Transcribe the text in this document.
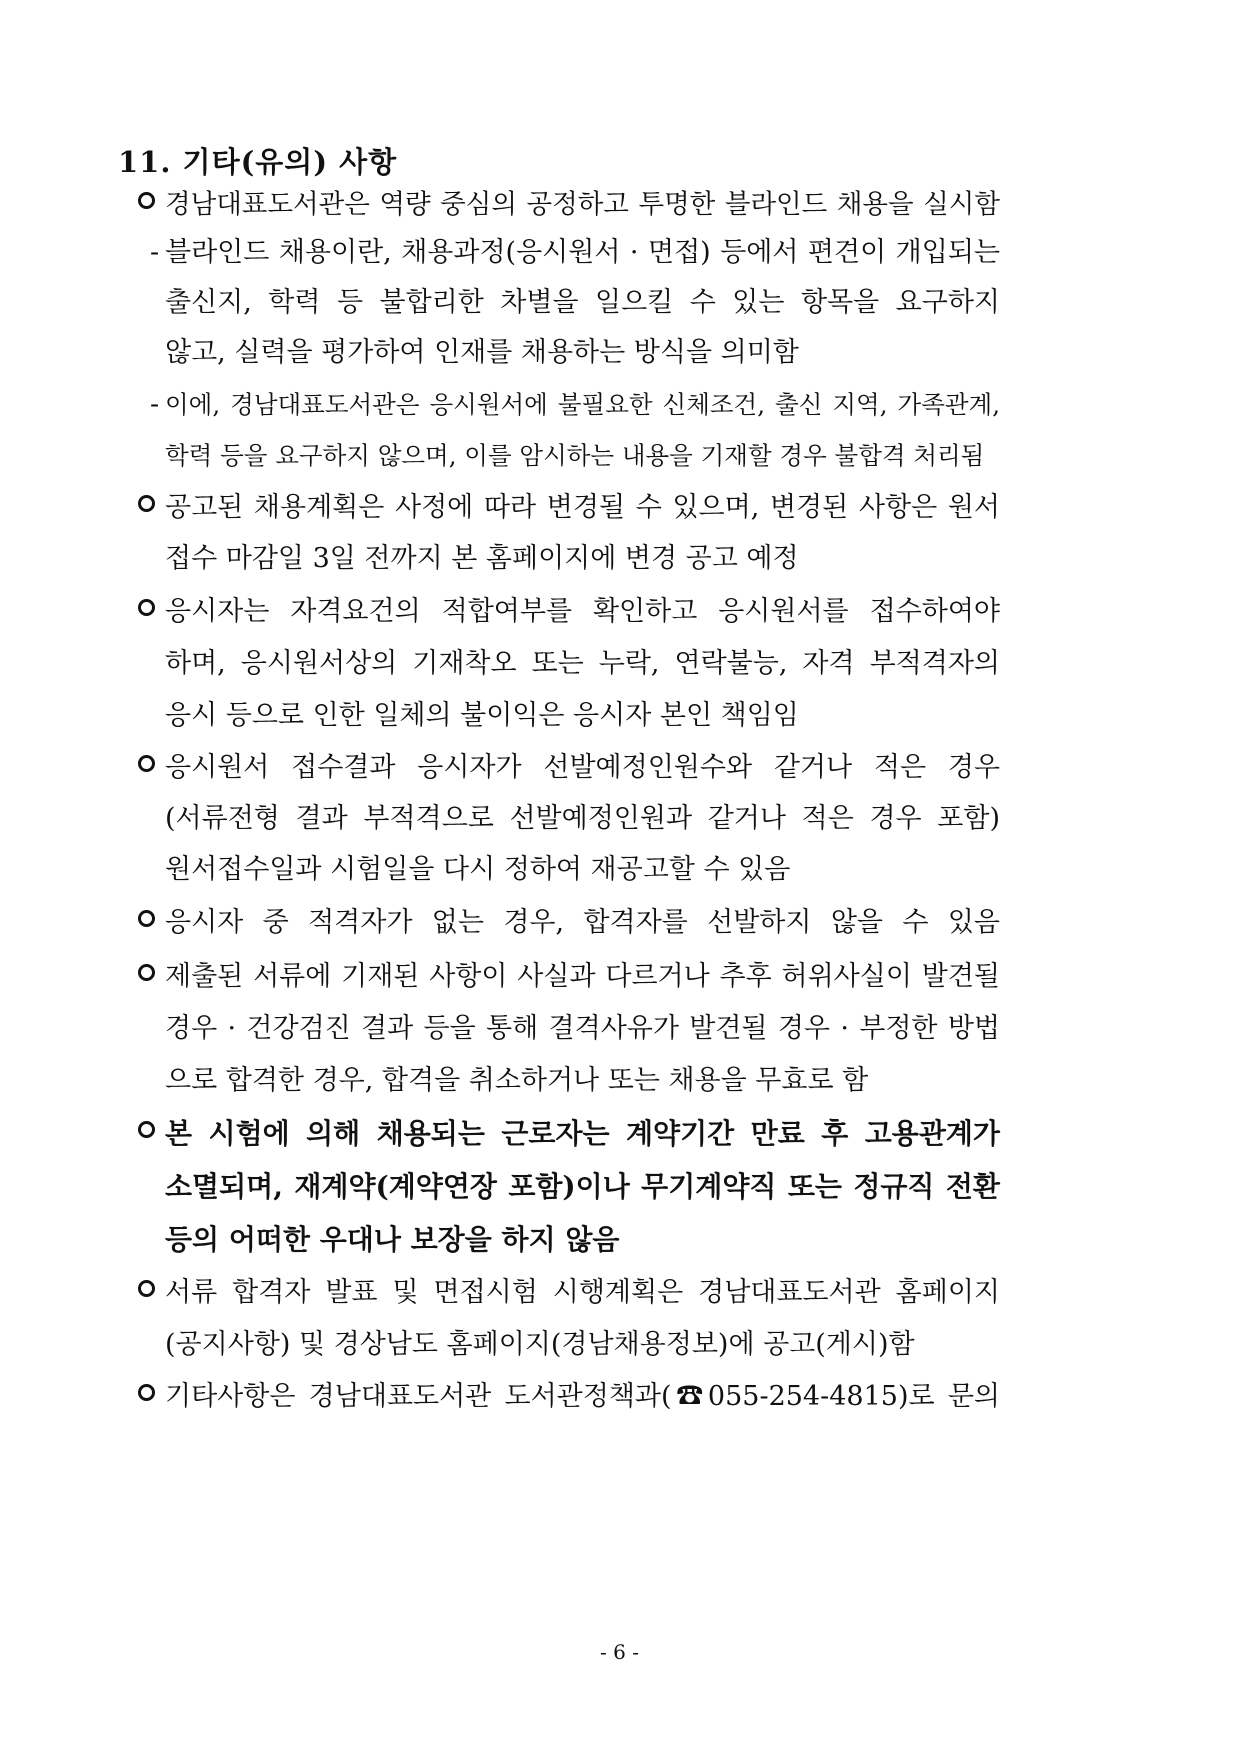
11. 기타(유의) 사항
경남대표도서관은 역량 중심의 공정하고 투명한 블라인드 채용을 실시함
- 블라인드 채용이란, 채용과정(응시원서 · 면접) 등에서 편견이 개입되는
출신지, 학력 등 불합리한 차별을 일으킬 수 있는 항목을 요구하지
않고, 실력을 평가하여 인재를 채용하는 방식을 의미함
- 이에, 경남대표도서관은 응시원서에 불필요한 신체조건, 출신 지역, 가족관계,
학력 등을 요구하지 않으며, 이를 암시하는 내용을 기재할 경우 불합격 처리됨
공고된 채용계획은 사정에 따라 변경될 수 있으며, 변경된 사항은 원서
접수 마감일 3일 전까지 본 홈페이지에 변경 공고 예정
응시자는 자격요건의 적합여부를 확인하고 응시원서를 접수하여야
하며, 응시원서상의 기재착오 또는 누락, 연락불능, 자격 부적격자의
응시 등으로 인한 일체의 불이익은 응시자 본인 책임임
응시원서 접수결과 응시자가 선발예정인원수와 같거나 적은 경우
(서류전형 결과 부적격으로 선발예정인원과 같거나 적은 경우 포함)
원서접수일과 시험일을 다시 정하여 재공고할 수 있음
응시자 중 적격자가 없는 경우, 합격자를 선발하지 않을 수 있음
제출된 서류에 기재된 사항이 사실과 다르거나 추후 허위사실이 발견될
경우 · 건강검진 결과 등을 통해 결격사유가 발견될 경우 · 부정한 방법
으로 합격한 경우, 합격을 취소하거나 또는 채용을 무효로 함
본 시험에 의해 채용되는 근로자는 계약기간 만료 후 고용관계가
소멸되며, 재계약(계약연장 포함)이나 무기계약직 또는 정규직 전환
등의 어떠한 우대나 보장을 하지 않음
서류 합격자 발표 및 면접시험 시행계획은 경남대표도서관 홈페이지
(공지사항) 및 경상남도 홈페이지(경남채용정보)에 공고(게시)함
기타사항은 경남대표도서관 도서관정책과(☎055-254-4815)로 문의
- 6 -
